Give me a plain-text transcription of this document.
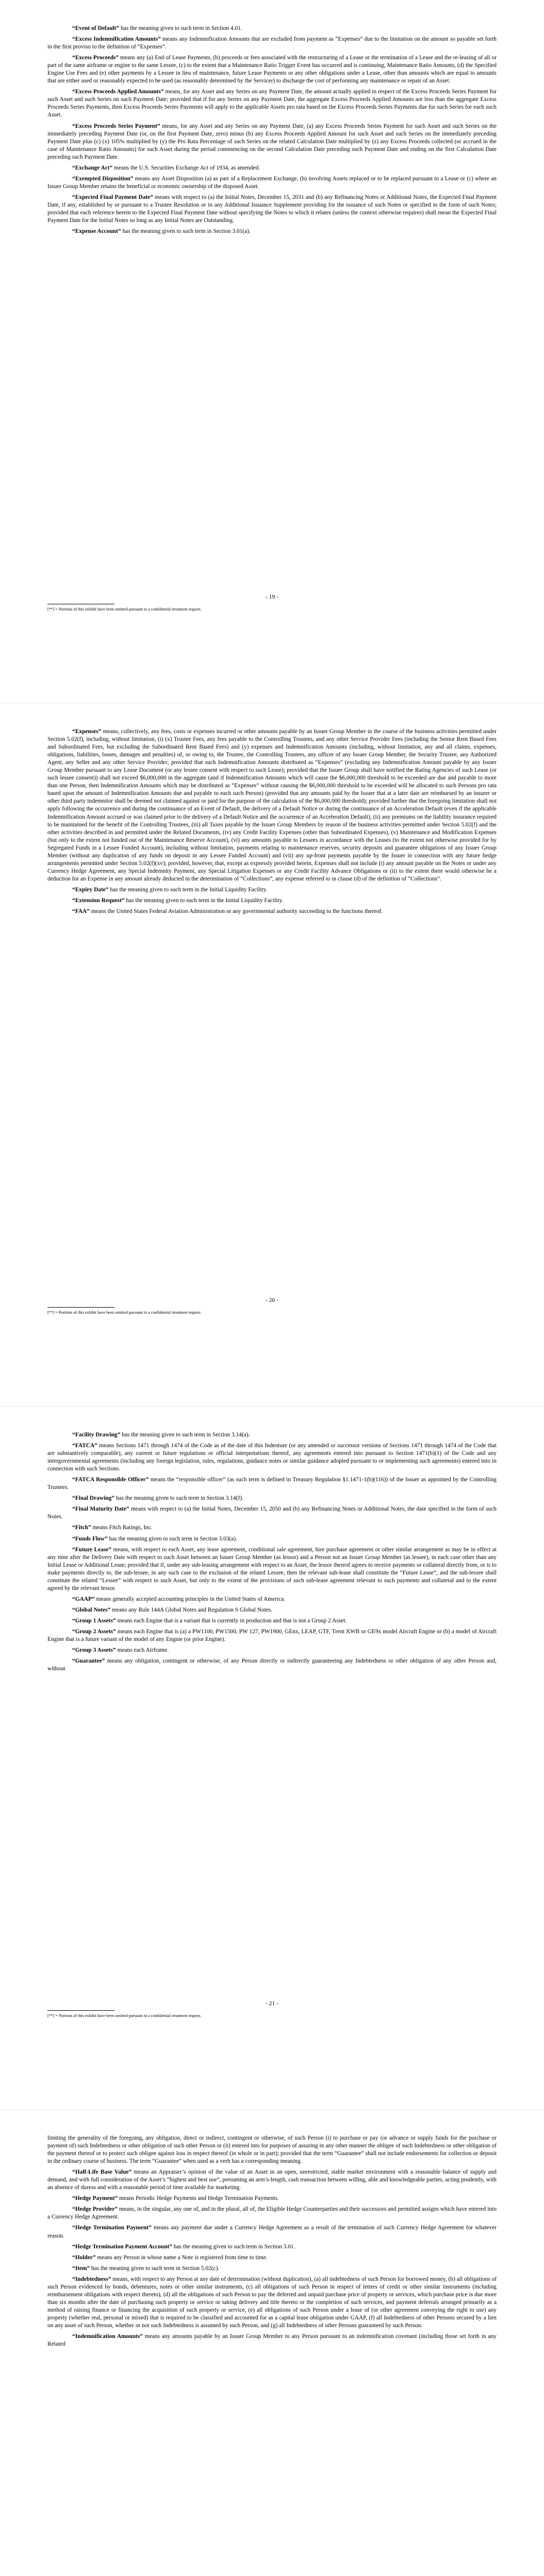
“Event of Default” has the meaning given to such term in Section 4.01.

“Excess Indemnification Amounts” means any Indemnification Amounts that are excluded from payment as “Expenses” due to the limitation on the amount so payable set forth in the first proviso to the definition of “Expenses”.

“Excess Proceeds” means any (a) End of Lease Payments, (b) proceeds or fees associated with the restructuring of a Lease or the termination of a Lease and the re-leasing of all or part of the same airframe or engine to the same Lessee, (c) to the extent that a Maintenance Ratio Trigger Event has occurred and is continuing, Maintenance Ratio Amounts, (d) the Specified Engine Use Fees and (e) other payments by a Lessee in lieu of maintenance, future Lease Payments or any other obligations under a Lease, other than amounts which are equal to amounts that are either used or reasonably expected to be used (as reasonably determined by the Servicer) to discharge the cost of performing any maintenance or repair of an Asset.

“Excess Proceeds Applied Amounts” means, for any Asset and any Series on any Payment Date, the amount actually applied in respect of the Excess Proceeds Series Payment for such Asset and such Series on such Payment Date; provided that if for any Series on any Payment Date, the aggregate Excess Proceeds Applied Amounts are less than the aggregate Excess Proceeds Series Payments, then Excess Proceeds Series Payments will apply to the applicable Assets pro rata based on the Excess Proceeds Series Payments due for such Series for each such Asset.

“Excess Proceeds Series Payment” means, for any Asset and any Series on any Payment Date, (a) any Excess Proceeds Series Payment for such Asset and such Series on the immediately preceding Payment Date (or, on the first Payment Date, zero) minus (b) any Excess Proceeds Applied Amount for such Asset and such Series on the immediately preceding Payment Date plus (c) (x) 105% multiplied by (y) the Pro Rata Percentage of such Series on the related Calculation Date multiplied by (z) any Excess Proceeds collected (or accrued in the case of Maintenance Ratio Amounts) for such Asset during the period commencing on the second Calculation Date preceding such Payment Date and ending on the first Calculation Date preceding such Payment Date.

“Exchange Act” means the U.S. Securities Exchange Act of 1934, as amended.

“Exempted Disposition” means any Asset Disposition (a) as part of a Replacement Exchange, (b) involving Assets replaced or to be replaced pursuant to a Lease or (c) where an Issuer Group Member retains the beneficial or economic ownership of the disposed Asset.

“Expected Final Payment Date” means with respect to (a) the Initial Notes, December 15, 2031 and (b) any Refinancing Notes or Additional Notes, the Expected Final Payment Date, if any, established by or pursuant to a Trustee Resolution or in any Additional Issuance Supplement providing for the issuance of such Notes or specified in the form of such Notes; provided that each reference herein to the Expected Final Payment Date without specifying the Notes to which it relates (unless the context otherwise requires) shall mean the Expected Final Payment Date for the Initial Notes so long as any Initial Notes are Outstanding.

“Expense Account” has the meaning given to such term in Section 3.01(a).

- 19 -
[**] = Portions of this exhibit have been omitted pursuant to a confidential treatment request.

“Expenses” means, collectively, any fees, costs or expenses incurred or other amounts payable by an Issuer Group Member in the course of the business activities permitted under Section 5.02(f), including, without limitation, (i) (x) Trustee Fees, any fees payable to the Controlling Trustees, and any other Service Provider Fees (including the Senior Rent Based Fees and Subordinated Fees, but excluding the Subordinated Rent Based Fees) and (y) expenses and Indemnification Amounts (including, without limitation, any and all claims, expenses, obligations, liabilities, losses, damages and penalties) of, or owing to, the Trustee, the Controlling Trustees, any officer of any Issuer Group Member, the Security Trustee, any Authorized Agent, any Seller and any other Service Provider; provided that such Indemnification Amounts distributed as “Expenses” (excluding any Indemnification Amount payable by any Issuer Group Member pursuant to any Lease Document (or any lessee consent with respect to such Lease); provided that the Issuer Group shall have notified the Rating Agencies of such Lease (or such lessee consent)) shall not exceed $6,000,000 in the aggregate (and if Indemnification Amounts which will cause the $6,000,000 threshold to be exceeded are due and payable to more than one Person, then Indemnification Amounts which may be distributed as “Expenses” without causing the $6,000,000 threshold to be exceeded will be allocated to such Persons pro rata based upon the amount of Indemnification Amounts due and payable to each such Person) (provided that any amounts paid by the Issuer that at a later date are reimbursed by an insurer or other third party indemnitor shall be deemed not claimed against or paid for the purpose of the calculation of the $6,000,000 threshold); provided further that the foregoing limitation shall not apply following the occurrence and during the continuance of an Event of Default, the delivery of a Default Notice or during the continuance of an Acceleration Default (even if the applicable Indemnification Amount accrued or was claimed prior to the delivery of a Default Notice and the occurrence of an Acceleration Default), (ii) any premiums on the liability insurance required to be maintained for the benefit of the Controlling Trustees, (iii) all Taxes payable by the Issuer Group Members by reason of the business activities permitted under Section 5.02(f) and the other activities described in and permitted under the Related Documents, (iv) any Credit Facility Expenses (other than Subordinated Expenses), (v) Maintenance and Modification Expenses (but only to the extent not funded out of the Maintenance Reserve Account), (vi) any amounts payable to Lessees in accordance with the Leases (to the extent not otherwise provided for by Segregated Funds in a Lessee Funded Account), including without limitation, payments relating to maintenance reserves, security deposits and guarantee obligations of any Issuer Group Member (without any duplication of any funds on deposit in any Lessee Funded Account) and (vii) any up-front payments payable by the Issuer in connection with any future hedge arrangements permitted under Section 5.02(f)(xv); provided, however, that, except as expressly provided herein, Expenses shall not include (i) any amount payable on the Notes or under any Currency Hedge Agreement, any Special Indemnity Payment, any Special Litigation Expenses or any Credit Facility Advance Obligations or (ii) to the extent there would otherwise be a deduction for an Expense in any amount already deducted in the determination of “Collections”, any expense referred to in clause (d) of the definition of “Collections”.

“Expiry Date” has the meaning given to such term in the Initial Liquidity Facility.

“Extension Request” has the meaning given to such term in the Initial Liquidity Facility.

“FAA” means the United States Federal Aviation Administration or any governmental authority succeeding to the functions thereof.

- 20 -
[**] = Portions of this exhibit have been omitted pursuant to a confidential treatment request.

“Facility Drawing” has the meaning given to such term in Section 3.14(a).

“FATCA” means Sections 1471 through 1474 of the Code as of the date of this Indenture (or any amended or successor versions of Sections 1471 through 1474 of the Code that are substantively comparable), any current or future regulations or official interpretations thereof, any agreements entered into pursuant to Section 1471(b)(1) of the Code and any intergovernmental agreements (including any foreign legislation, rules, regulations, guidance notes or similar guidance adopted pursuant to or implementing such agreements) entered into in connection with such Sections.

“FATCA Responsible Officer” means the “responsible officer” (as such term is defined in Treasury Regulation §1.1471-1(b)(116)) of the Issuer as appointed by the Controlling Trustees.

“Final Drawing” has the meaning given to such term in Section 3.14(f).

“Final Maturity Date” means with respect to (a) the Initial Notes, December 15, 2050 and (b) any Refinancing Notes or Additional Notes, the date specified in the form of such Notes.

“Fitch” means Fitch Ratings, Inc.

“Funds Flow” has the meaning given to such term in Section 3.03(a).

“Future Lease” means, with respect to each Asset, any lease agreement, conditional sale agreement, hire purchase agreement or other similar arrangement as may be in effect at any time after the Delivery Date with respect to such Asset between an Issuer Group Member (as lessor) and a Person not an Issuer Group Member (as lessee), in each case other than any Initial Lease or Additional Lease; provided that if, under any sub-leasing arrangement with respect to an Asset, the lessor thereof agrees to receive payments or collateral directly from, or is to make payments directly to, the sub-lessee, in any such case to the exclusion of the related Lessee, then the relevant sub-lease shall constitute the “Future Lease”, and the sub-lessee shall constitute the related “Lessee” with respect to such Asset, but only to the extent of the provisions of such sub-lease agreement relevant to such payments and collateral and to the extent agreed by the relevant lessor.

“GAAP” means generally accepted accounting principles in the United States of America.

“Global Notes” means any Rule 144A Global Notes and Regulation S Global Notes.

“Group 1 Assets” means each Engine that is a variant that is currently in production and that is not a Group 2 Asset.

“Group 2 Assets” means each Engine that is (a) a PW1100, PW1500, PW 127, PW1900, GEnx, LEAP, GTF, Trent XWB or GE9x model Aircraft Engine or (b) a model of Aircraft Engine that is a future variant of the model of any Engine (or prior Engine).

“Group 3 Assets” means each Airframe.

“Guarantee” means any obligation, contingent or otherwise, of any Person directly or indirectly guaranteeing any Indebtedness or other obligation of any other Person and, without

- 21 -
[**] = Portions of this exhibit have been omitted pursuant to a confidential treatment request.

limiting the generality of the foregoing, any obligation, direct or indirect, contingent or otherwise, of such Person (i) to purchase or pay (or advance or supply funds for the purchase or payment of) such Indebtedness or other obligation of such other Person or (ii) entered into for purposes of assuring in any other manner the obligee of such Indebtedness or other obligation of the payment thereof or to protect such obligee against loss in respect thereof (in whole or in part); provided that the term “Guarantee” shall not include endorsements for collection or deposit in the ordinary course of business. The term “Guarantee” when used as a verb has a corresponding meaning.

“Half-Life Base Value” means an Appraiser’s opinion of the value of an Asset in an open, unrestricted, stable market environment with a reasonable balance of supply and demand, and with full consideration of the Asset’s “highest and best use”, presuming an arm’s-length, cash transaction between willing, able and knowledgeable parties, acting prudently, with an absence of duress and with a reasonable period of time available for marketing.

“Hedge Payment” means Periodic Hedge Payments and Hedge Termination Payments.

“Hedge Provider” means, in the singular, any one of, and in the plural, all of, the Eligible Hedge Counterparties and their successors and permitted assigns which have entered into a Currency Hedge Agreement.

“Hedge Termination Payment” means any payment due under a Currency Hedge Agreement as a result of the termination of such Currency Hedge Agreement for whatever reason.

“Hedge Termination Payment Account” has the meaning given to such term in Section 3.01.

“Holder” means any Person in whose name a Note is registered from time to time.

“Item” has the meaning given to such term in Section 5.02(c).

“Indebtedness” means, with respect to any Person at any date of determination (without duplication), (a) all indebtedness of such Person for borrowed money, (b) all obligations of such Person evidenced by bonds, debentures, notes or other similar instruments, (c) all obligations of such Person in respect of letters of credit or other similar instruments (including reimbursement obligations with respect thereto), (d) all the obligations of such Person to pay the deferred and unpaid purchase price of property or services, which purchase price is due more than six months after the date of purchasing such property or service or taking delivery and title thereto or the completion of such services, and payment deferrals arranged primarily as a method of raising finance or financing the acquisition of such property or service, (e) all obligations of such Person under a lease of (or other agreement conveying the right to use) any property (whether real, personal or mixed) that is required to be classified and accounted for as a capital lease obligation under GAAP, (f) all Indebtedness of other Persons secured by a lien on any asset of such Person, whether or not such Indebtedness is assumed by such Person, and (g) all Indebtedness of other Persons guaranteed by such Person.

“Indemnification Amounts” means any amounts payable by an Issuer Group Member to any Person pursuant to an indemnification covenant (including those set forth in any Related
